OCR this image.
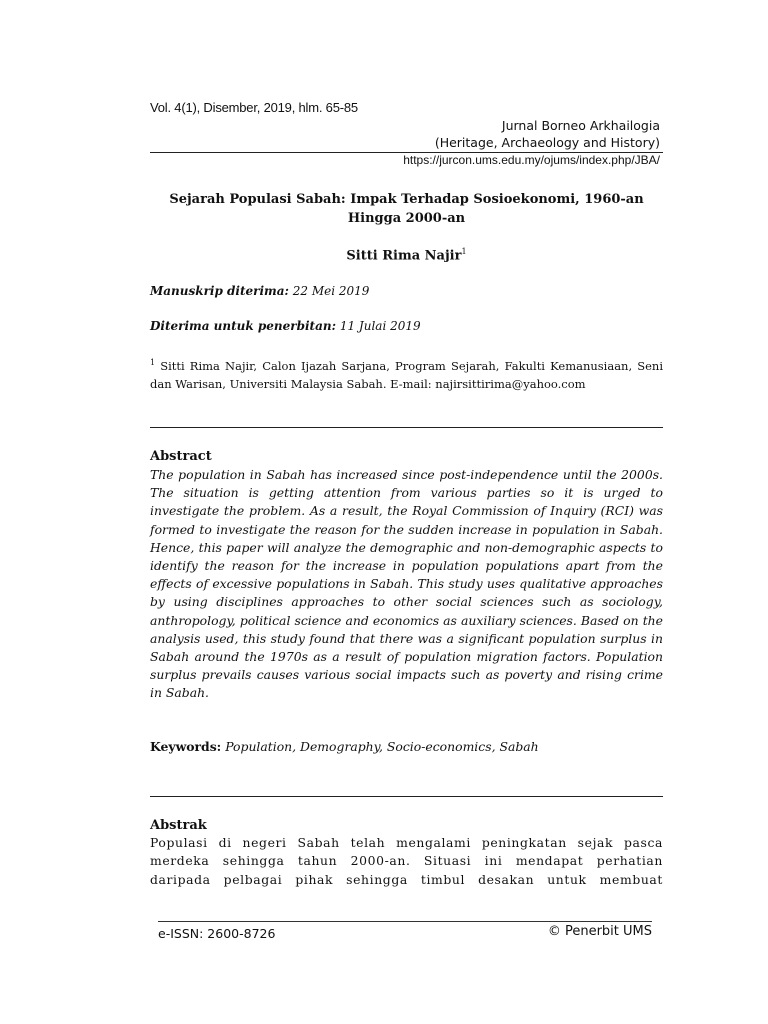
Vol. 4(1), Disember, 2019, hlm. 65-85
Jurnal Borneo Arkhailogia
(Heritage, Archaeology and History)
https://jurcon.ums.edu.my/ojums/index.php/JBA/
Sejarah Populasi Sabah: Impak Terhadap Sosioekonomi, 1960-an
Hingga 2000-an
Sitti Rima Najir$^1$
Manuskrip diterima: 22 Mei 2019
Diterima untuk penerbitan: 11 Julai 2019
$^1$ Sitti Rima Najir, Calon Ijazah Sarjana, Program Sejarah, Fakulti Kemanusiaan, Seni dan Warisan, Universiti Malaysia Sabah. E-mail: najirsittirima@yahoo.com
Abstract
The population in Sabah has increased since post-independence until the 2000s. The situation is getting attention from various parties so it is urged to investigate the problem. As a result, the Royal Commission of Inquiry (RCI) was formed to investigate the reason for the sudden increase in population in Sabah. Hence, this paper will analyze the demographic and non-demographic aspects to identify the reason for the increase in population populations apart from the effects of excessive populations in Sabah. This study uses qualitative approaches by using disciplines approaches to other social sciences such as sociology, anthropology, political science and economics as auxiliary sciences. Based on the analysis used, this study found that there was a significant population surplus in Sabah around the 1970s as a result of population migration factors. Population surplus prevails causes various social impacts such as poverty and rising crime in Sabah.
Keywords: Population, Demography, Socio-economics, Sabah
Abstrak
Populasi di negeri Sabah telah mengalami peningkatan sejak pasca
merdeka sehingga tahun 2000-an. Situasi ini mendapat perhatian
daripada pelbagai pihak sehingga timbul desakan untuk membuat
e-ISSN: 2600-8726	© Penerbit UMS
